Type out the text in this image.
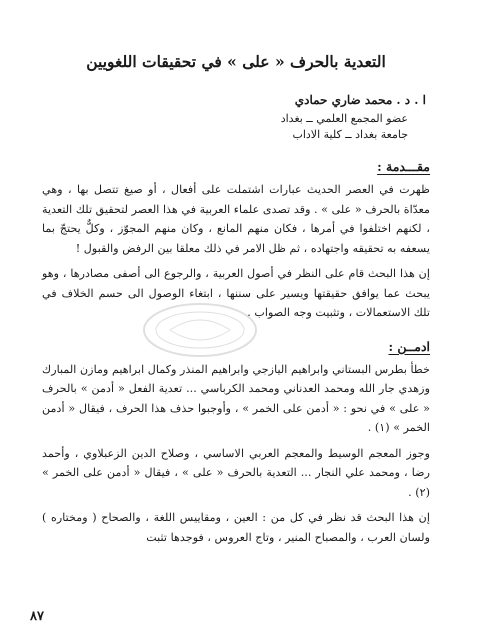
التعدية بالحرف « على » في تحقيقات اللغويين
ا . د . محمد ضاري حمادي
عضو المجمع العلمي ــ بغداد
جامعة بغداد ــ كلية الاداب
مقـــدمة :

ظهرت في العصر الحديث عبارات اشتملت على أفعال ، أو صيغ تتصل بها ، وهي معدّاة بالحرف « على » . وقد تصدى علماء العربية في هذا العصر لتحقيق تلك التعدية ، لكنهم اختلفوا في أمرها ، فكان منهم المانع ، وكان منهم المجوّز ، وكلٌّ يحتجّ بما يسعفه به تحقيقه واجتهاده ، ثم ظل الامر في ذلك معلقا بين الرفض والقبول !

إن هذا البحث قام على النظر في أصول العربية ، والرجوع الى أصفى مصادرها ، وهو يبحث عما يوافق حقيقتها ويسير على سننها ، ابتغاء الوصول الى حسم الخلاف في تلك الاستعمالات ، وتثبيت وجه الصواب .

ادمــن :

خطأ بطرس البستاني وابراهيم اليازجي وابراهيم المنذر وكمال ابراهيم ومازن المبارك وزهدي جار الله ومحمد العدناني ومحمد الكرباسي ... تعدية الفعل « أدمن » بالحرف « على » في نحو : « أدمن على الخمر » ، وأوجبوا حذف هذا الحرف ، فيقال « أدمن الخمر » (١) .

وجوز المعجم الوسيط والمعجم العربي الاساسي ، وصلاح الدين الزعبلاوي ، وأحمد رضا ، ومحمد علي النجار ... التعدية بالحرف « على » ، فيقال « أدمن على الخمر » (٢) .

إن هذا البحث قد نظر في كل من : العين ، ومقاييس اللغة ، والصحاح ( ومختاره ) ولسان العرب ، والمصباح المنير ، وتاج العروس ، فوجدها تثبت

٨٧
